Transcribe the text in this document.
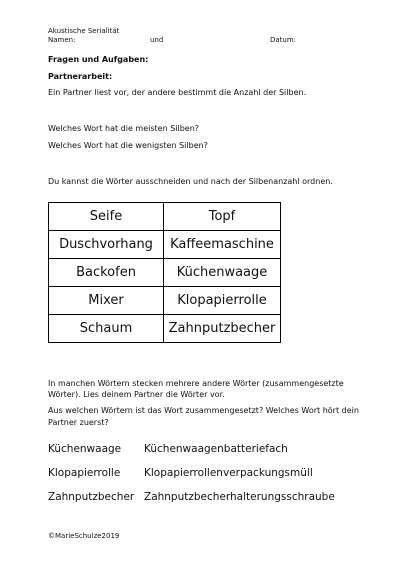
Akustische Serialität
Namen:	und	Datum:
Fragen und Aufgaben:
Partnerarbeit:
Ein Partner liest vor, der andere bestimmt die Anzahl der Silben.
Welches Wort hat die meisten Silben?
Welches Wort hat die wenigsten Silben?
Du kannst die Wörter ausschneiden und nach der Silbenanzahl ordnen.
Seife	Topf
Duschvorhang	Kaffeemaschine
Backofen	Küchenwaage
Mixer	Klopapierrolle
Schaum	Zahnputzbecher
In manchen Wörtern stecken mehrere andere Wörter (zusammengesetzte
Wörter). Lies deinem Partner die Wörter vor.
Aus welchen Wörtern ist das Wort zusammengesetzt? Welches Wort hört dein
Partner zuerst?
Küchenwaage	Küchenwaagenbatteriefach
Klopapierrolle	Klopapierrollenverpackungsmüll
Zahnputzbecher Zahnputzbecherhalterungsschraube
©MarieSchulze2019
